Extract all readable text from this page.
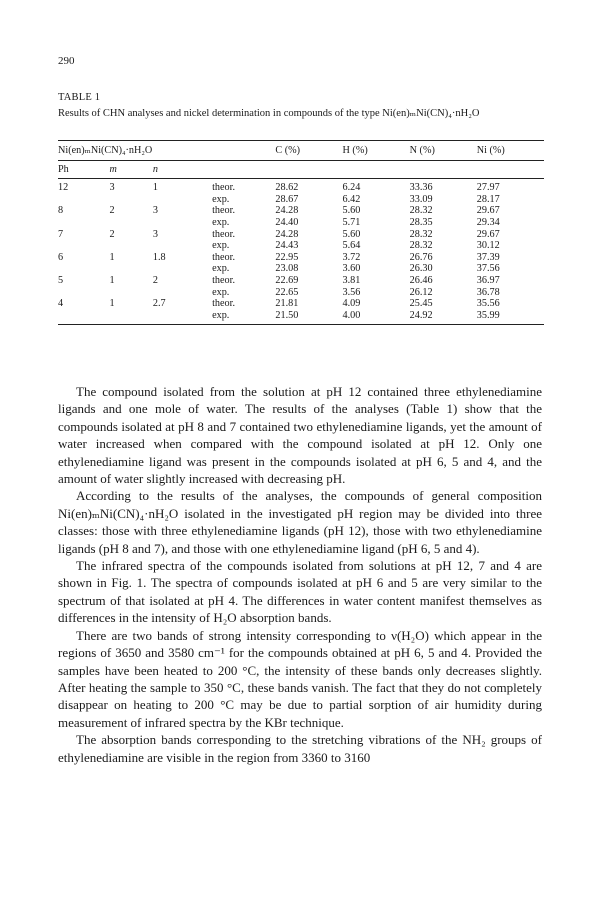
290
TABLE 1
Results of CHN analyses and nickel determination in compounds of the type Ni(en)ₘNi(CN)₄·nH₂O
Ni(en)ₘNi(CN)₄·nH₂O				C (%)	H (%)	N (%)	Ni (%)
Ph	m	n					
12	3	1	theor.	28.62	6.24	33.36	27.97
			exp.	28.67	6.42	33.09	28.17
8	2	3	theor.	24.28	5.60	28.32	29.67
			exp.	24.40	5.71	28.35	29.34
7	2	3	theor.	24.28	5.60	28.32	29.67
			exp.	24.43	5.64	28.32	30.12
6	1	1.8	theor.	22.95	3.72	26.76	37.39
			exp.	23.08	3.60	26.30	37.56
5	1	2	theor.	22.69	3.81	26.46	36.97
			exp.	22.65	3.56	26.12	36.78
4	1	2.7	theor.	21.81	4.09	25.45	35.56
			exp.	21.50	4.00	24.92	35.99

The compound isolated from the solution at pH 12 contained three ethylenediamine ligands and one mole of water. The results of the analyses (Table 1) show that the compounds isolated at pH 8 and 7 contained two ethylenediamine ligands, yet the amount of water increased when compared with the compound isolated at pH 12. Only one ethylenediamine ligand was present in the compounds isolated at pH 6, 5 and 4, and the amount of water slightly increased with decreasing pH.

According to the results of the analyses, the compounds of general composition Ni(en)ₘNi(CN)₄·nH₂O isolated in the investigated pH region may be divided into three classes: those with three ethylenediamine ligands (pH 12), those with two ethylenediamine ligands (pH 8 and 7), and those with one ethylenediamine ligand (pH 6, 5 and 4).

The infrared spectra of the compounds isolated from solutions at pH 12, 7 and 4 are shown in Fig. 1. The spectra of compounds isolated at pH 6 and 5 are very similar to the spectrum of that isolated at pH 4. The differences in water content manifest themselves as differences in the intensity of H₂O absorption bands.

There are two bands of strong intensity corresponding to ν(H₂O) which appear in the regions of 3650 and 3580 cm⁻¹ for the compounds obtained at pH 6, 5 and 4. Provided the samples have been heated to 200 °C, the intensity of these bands only decreases slightly. After heating the sample to 350 °C, these bands vanish. The fact that they do not completely disappear on heating to 200 °C may be due to partial sorption of air humidity during measurement of infrared spectra by the KBr technique.

The absorption bands corresponding to the stretching vibrations of the NH₂ groups of ethylenediamine are visible in the region from 3360 to 3160
